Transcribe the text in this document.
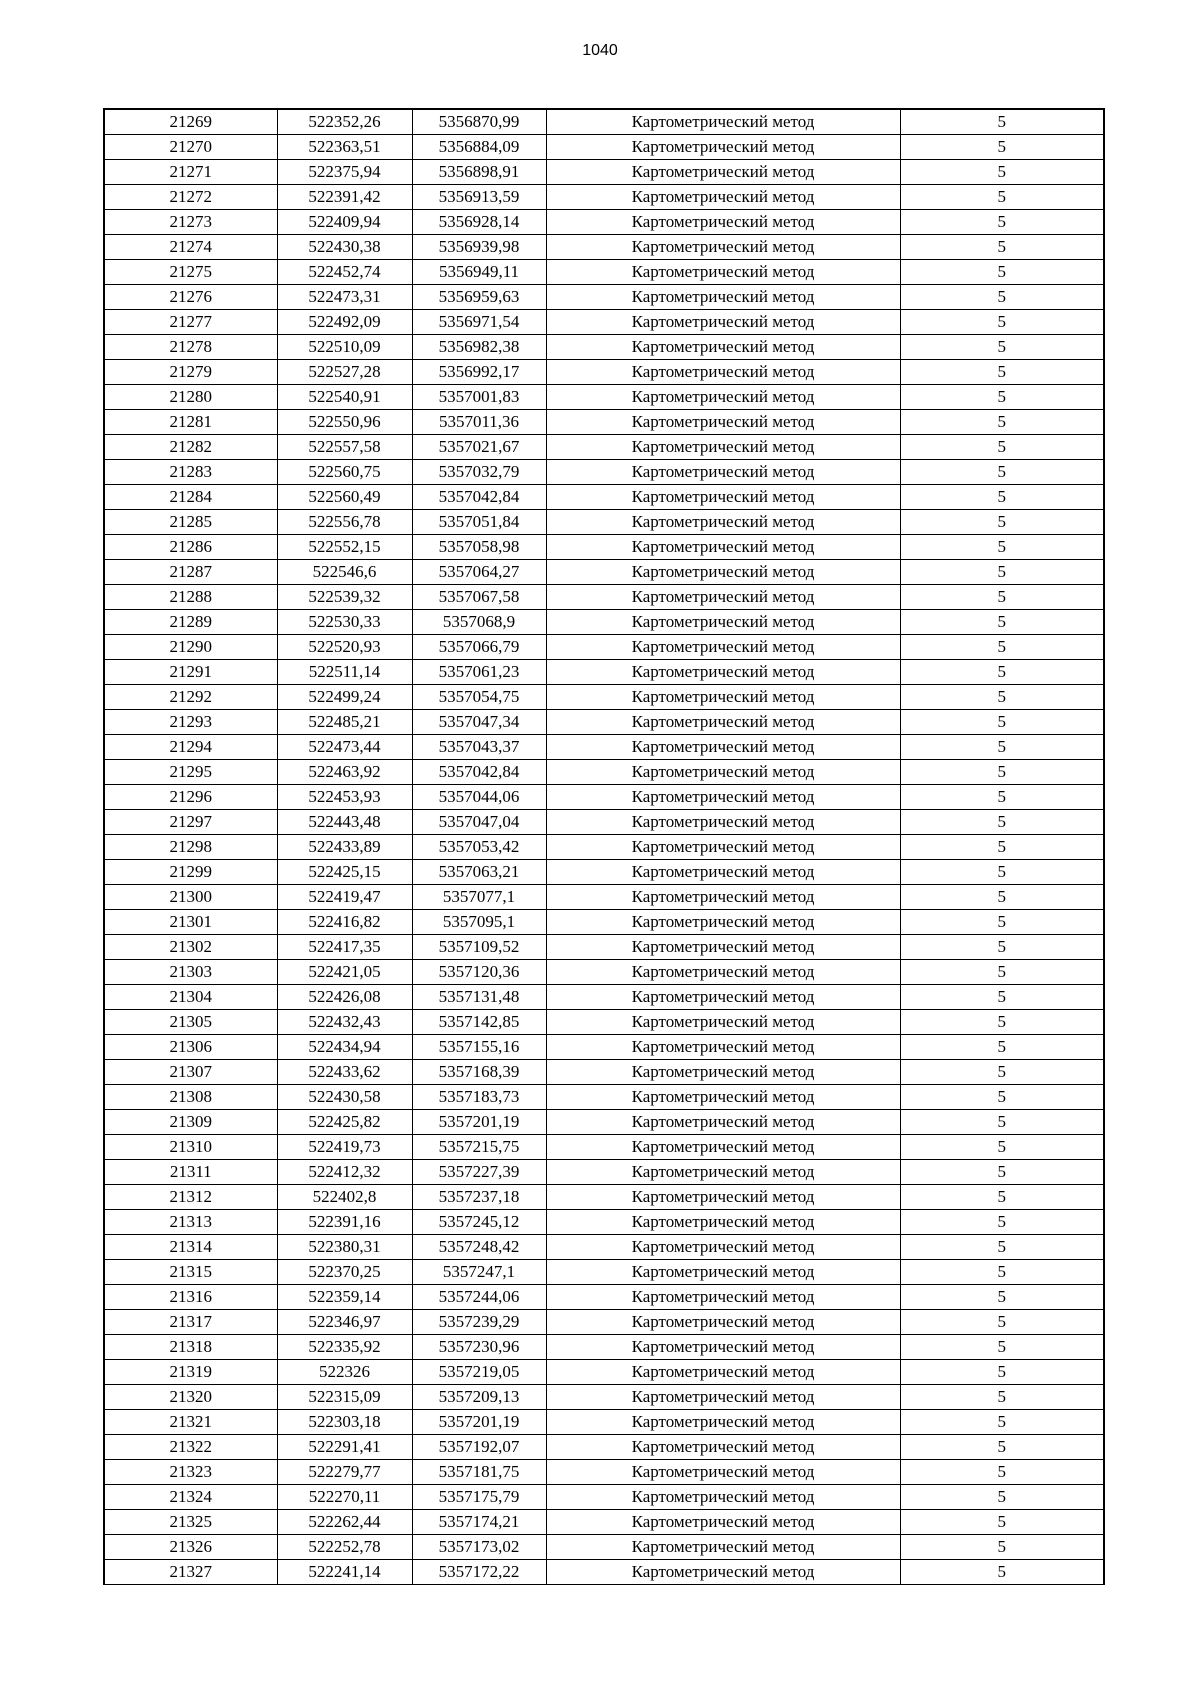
1040
21269	522352,26	5356870,99	Картометрический метод	5
21270	522363,51	5356884,09	Картометрический метод	5
21271	522375,94	5356898,91	Картометрический метод	5
21272	522391,42	5356913,59	Картометрический метод	5
21273	522409,94	5356928,14	Картометрический метод	5
21274	522430,38	5356939,98	Картометрический метод	5
21275	522452,74	5356949,11	Картометрический метод	5
21276	522473,31	5356959,63	Картометрический метод	5
21277	522492,09	5356971,54	Картометрический метод	5
21278	522510,09	5356982,38	Картометрический метод	5
21279	522527,28	5356992,17	Картометрический метод	5
21280	522540,91	5357001,83	Картометрический метод	5
21281	522550,96	5357011,36	Картометрический метод	5
21282	522557,58	5357021,67	Картометрический метод	5
21283	522560,75	5357032,79	Картометрический метод	5
21284	522560,49	5357042,84	Картометрический метод	5
21285	522556,78	5357051,84	Картометрический метод	5
21286	522552,15	5357058,98	Картометрический метод	5
21287	522546,6	5357064,27	Картометрический метод	5
21288	522539,32	5357067,58	Картометрический метод	5
21289	522530,33	5357068,9	Картометрический метод	5
21290	522520,93	5357066,79	Картометрический метод	5
21291	522511,14	5357061,23	Картометрический метод	5
21292	522499,24	5357054,75	Картометрический метод	5
21293	522485,21	5357047,34	Картометрический метод	5
21294	522473,44	5357043,37	Картометрический метод	5
21295	522463,92	5357042,84	Картометрический метод	5
21296	522453,93	5357044,06	Картометрический метод	5
21297	522443,48	5357047,04	Картометрический метод	5
21298	522433,89	5357053,42	Картометрический метод	5
21299	522425,15	5357063,21	Картометрический метод	5
21300	522419,47	5357077,1	Картометрический метод	5
21301	522416,82	5357095,1	Картометрический метод	5
21302	522417,35	5357109,52	Картометрический метод	5
21303	522421,05	5357120,36	Картометрический метод	5
21304	522426,08	5357131,48	Картометрический метод	5
21305	522432,43	5357142,85	Картометрический метод	5
21306	522434,94	5357155,16	Картометрический метод	5
21307	522433,62	5357168,39	Картометрический метод	5
21308	522430,58	5357183,73	Картометрический метод	5
21309	522425,82	5357201,19	Картометрический метод	5
21310	522419,73	5357215,75	Картометрический метод	5
21311	522412,32	5357227,39	Картометрический метод	5
21312	522402,8	5357237,18	Картометрический метод	5
21313	522391,16	5357245,12	Картометрический метод	5
21314	522380,31	5357248,42	Картометрический метод	5
21315	522370,25	5357247,1	Картометрический метод	5
21316	522359,14	5357244,06	Картометрический метод	5
21317	522346,97	5357239,29	Картометрический метод	5
21318	522335,92	5357230,96	Картометрический метод	5
21319	522326	5357219,05	Картометрический метод	5
21320	522315,09	5357209,13	Картометрический метод	5
21321	522303,18	5357201,19	Картометрический метод	5
21322	522291,41	5357192,07	Картометрический метод	5
21323	522279,77	5357181,75	Картометрический метод	5
21324	522270,11	5357175,79	Картометрический метод	5
21325	522262,44	5357174,21	Картометрический метод	5
21326	522252,78	5357173,02	Картометрический метод	5
21327	522241,14	5357172,22	Картометрический метод	5
